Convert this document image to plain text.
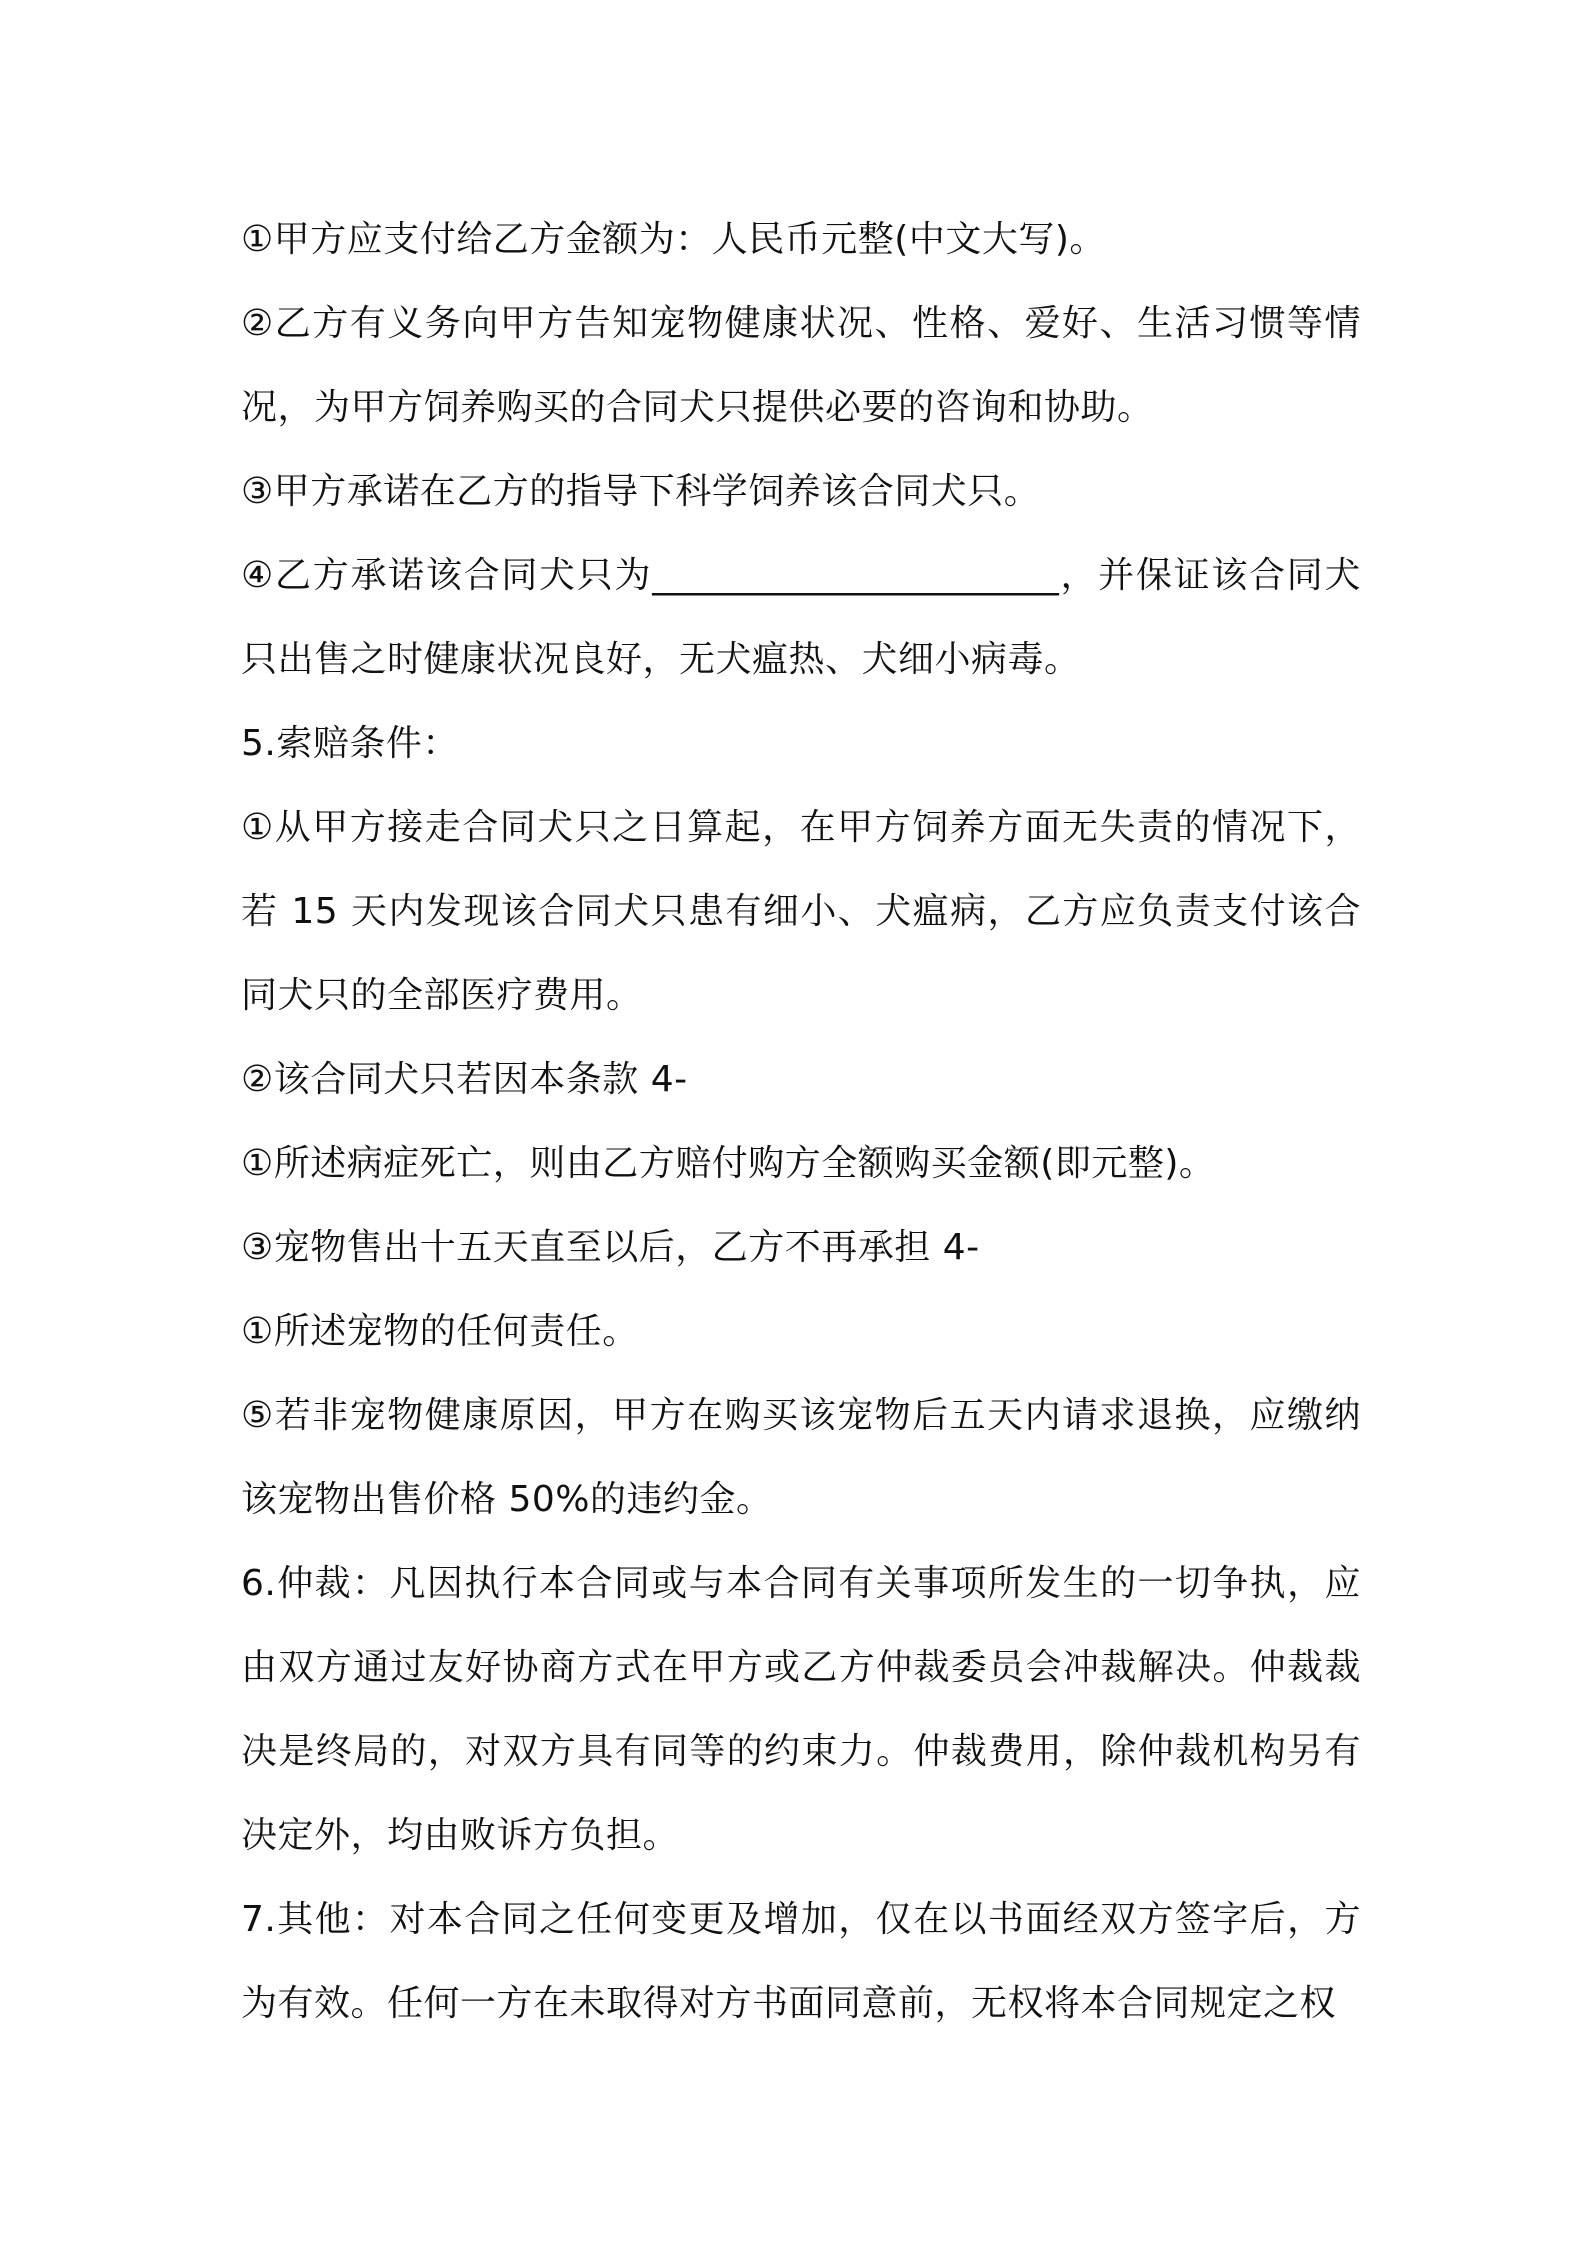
①甲方应支付给乙方金额为：人民币元整(中文大写)。

②乙方有义务向甲方告知宠物健康状况、性格、爱好、生活习惯等情况，为甲方饲养购买的合同犬只提供必要的咨询和协助。

③甲方承诺在乙方的指导下科学饲养该合同犬只。

④乙方承诺该合同犬只为______________________，并保证该合同犬只出售之时健康状况良好，无犬瘟热、犬细小病毒。

5.索赔条件：

①从甲方接走合同犬只之日算起，在甲方饲养方面无失责的情况下，若 15 天内发现该合同犬只患有细小、犬瘟病，乙方应负责支付该合同犬只的全部医疗费用。

②该合同犬只若因本条款 4-

①所述病症死亡，则由乙方赔付购方全额购买金额(即元整)。

③宠物售出十五天直至以后，乙方不再承担 4-

①所述宠物的任何责任。

⑤若非宠物健康原因，甲方在购买该宠物后五天内请求退换，应缴纳该宠物出售价格 50%的违约金。

6.仲裁：凡因执行本合同或与本合同有关事项所发生的一切争执，应由双方通过友好协商方式在甲方或乙方仲裁委员会冲裁解决。仲裁裁决是终局的，对双方具有同等的约束力。仲裁费用，除仲裁机构另有决定外，均由败诉方负担。

7.其他：对本合同之任何变更及增加，仅在以书面经双方签字后，方为有效。任何一方在未取得对方书面同意前，无权将本合同规定之权
